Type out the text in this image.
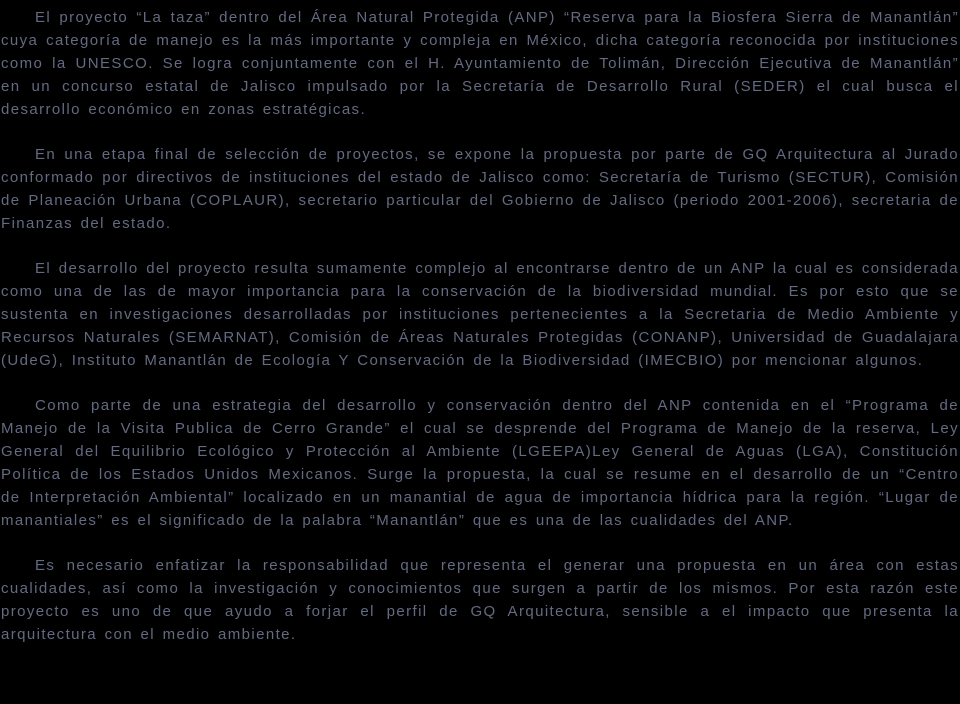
El proyecto “La taza” dentro del Área Natural Protegida (ANP) “Reserva para la Biosfera Sierra de Manantlán” cuya categoría de manejo es la más importante y compleja en México, dicha categoría reconocida por instituciones como la UNESCO. Se logra conjuntamente con el H. Ayuntamiento de Tolimán, Dirección Ejecutiva de Manantlán” en un concurso estatal de Jalisco impulsado por la Secretaría de Desarrollo Rural (SEDER) el cual busca el desarrollo económico en zonas estratégicas.

En una etapa final de selección de proyectos, se expone la propuesta por parte de GQ Arquitectura al Jurado conformado por directivos de instituciones del estado de Jalisco como: Secretaría de Turismo (SECTUR), Comisión de Planeación Urbana (COPLAUR), secretario particular del Gobierno de Jalisco (periodo 2001-2006), secretaria de Finanzas del estado.

El desarrollo del proyecto resulta sumamente complejo al encontrarse dentro de un ANP la cual es considerada como una de las de mayor importancia para la conservación de la biodiversidad mundial. Es por esto que se sustenta en investigaciones desarrolladas por instituciones pertenecientes a la Secretaria de Medio Ambiente y Recursos Naturales (SEMARNAT), Comisión de Áreas Naturales Protegidas (CONANP), Universidad de Guadalajara (UdeG), Instituto Manantlán de Ecología Y Conservación de la Biodiversidad (IMECBIO) por mencionar algunos.

Como parte de una estrategia del desarrollo y conservación dentro del ANP contenida en el “Programa de Manejo de la Visita Publica de Cerro Grande” el cual se desprende del Programa de Manejo de la reserva, Ley General del Equilibrio Ecológico y Protección al Ambiente (LGEEPA)Ley General de Aguas (LGA), Constitución Política de los Estados Unidos Mexicanos. Surge la propuesta, la cual se resume en el desarrollo de un “Centro de Interpretación Ambiental” localizado en un manantial de agua de importancia hídrica para la región. “Lugar de manantiales” es el significado de la palabra “Manantlán” que es una de las cualidades del ANP.

Es necesario enfatizar la responsabilidad que representa el generar una propuesta en un área con estas cualidades, así como la investigación y conocimientos que surgen a partir de los mismos. Por esta razón este proyecto es uno de que ayudo a forjar el perfil de GQ Arquitectura, sensible a el impacto que presenta la arquitectura con el medio ambiente.
